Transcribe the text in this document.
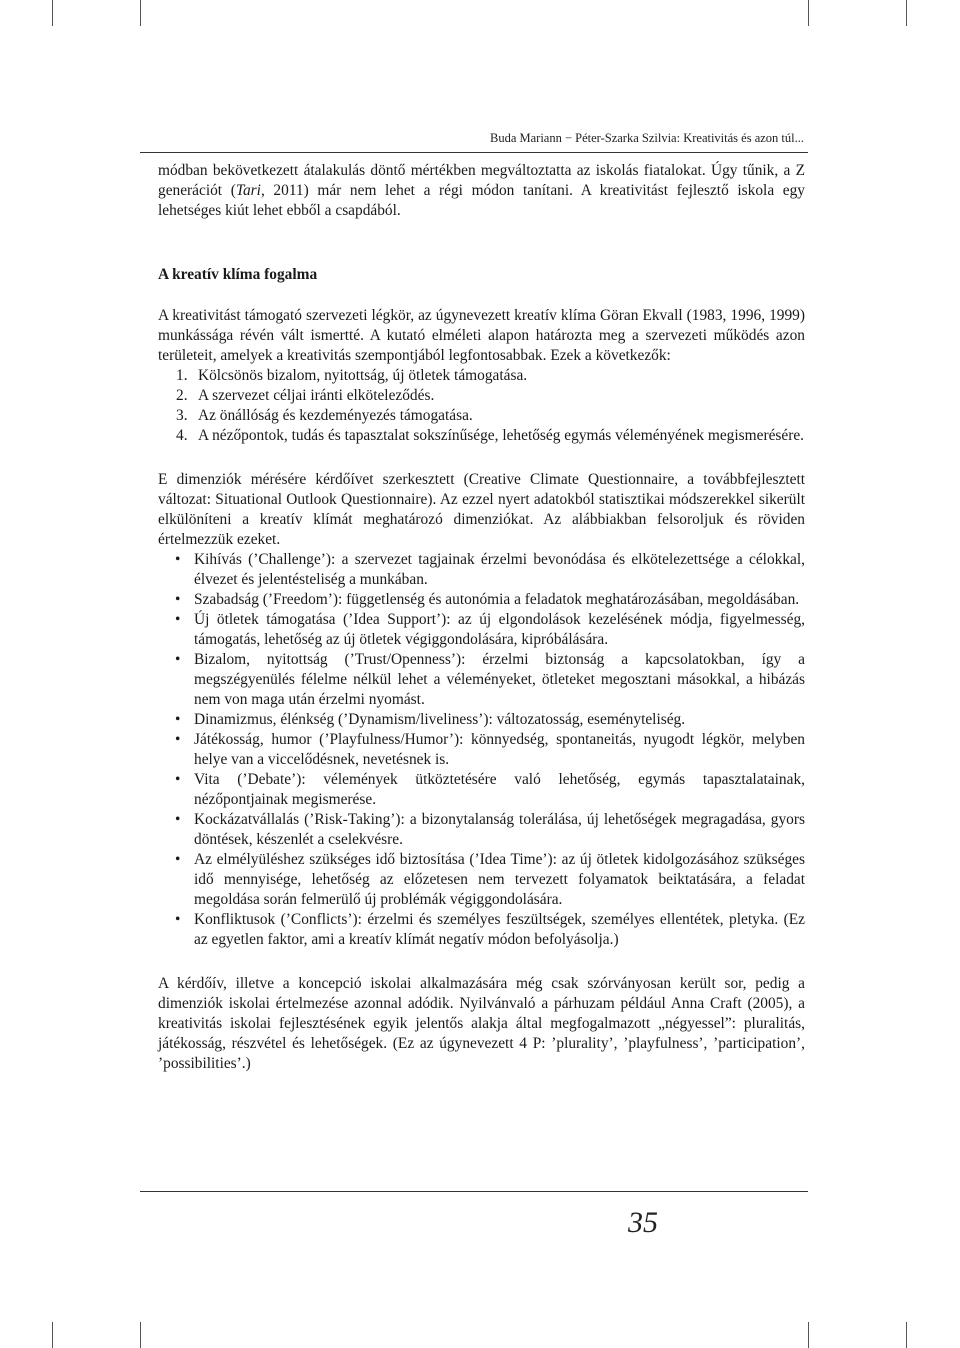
Buda Mariann − Péter-Szarka Szilvia: Kreativitás és azon túl...

módban bekövetkezett átalakulás döntő mértékben megváltoztatta az iskolás fiatalokat. Úgy tűnik, a Z generációt (Tari, 2011) már nem lehet a régi módon tanítani. A kreativitást fejlesztő iskola egy lehetséges kiút lehet ebből a csapdából.

A kreatív klíma fogalma

A kreativitást támogató szervezeti légkör, az úgynevezett kreatív klíma Göran Ekvall (1983, 1996, 1999) munkássága révén vált ismertté. A kutató elméleti alapon határozta meg a szervezeti működés azon területeit, amelyek a kreativitás szempontjából legfontosabbak. Ezek a következők:

1. Kölcsönös bizalom, nyitottság, új ötletek támogatása.
2. A szervezet céljai iránti elköteleződés.
3. Az önállóság és kezdeményezés támogatása.
4. A nézőpontok, tudás és tapasztalat sokszínűsége, lehetőség egymás véleményének megismerésére.

E dimenziók mérésére kérdőívet szerkesztett (Creative Climate Questionnaire, a továbbfejlesztett változat: Situational Outlook Questionnaire). Az ezzel nyert adatokból statisztikai módszerekkel sikerült elkülöníteni a kreatív klímát meghatározó dimenziókat. Az alábbiakban felsoroljuk és röviden értelmezzük ezeket.

• Kihívás (’Challenge’): a szervezet tagjainak érzelmi bevonódása és elkötelezettsége a célokkal, élvezet és jelentésteliség a munkában.
• Szabadság (’Freedom’): függetlenség és autonómia a feladatok meghatározásában, megoldásában.
• Új ötletek támogatása (’Idea Support’): az új elgondolások kezelésének módja, figyelmesség, támogatás, lehetőség az új ötletek végiggondolására, kipróbálására.
• Bizalom, nyitottság (’Trust/Openness’): érzelmi biztonság a kapcsolatokban, így a megszégyenülés félelme nélkül lehet a véleményeket, ötleteket megosztani másokkal, a hibázás nem von maga után érzelmi nyomást.
• Dinamizmus, élénkség (’Dynamism/liveliness’): változatosság, eseményteliség.
• Játékosság, humor (’Playfulness/Humor’): könnyedség, spontaneitás, nyugodt légkör, melyben helye van a viccelődésnek, nevetésnek is.
• Vita (’Debate’): vélemények ütköztetésére való lehetőség, egymás tapasztalatainak, nézőpontjainak megismerése.
• Kockázatvállalás (’Risk-Taking’): a bizonytalanság tolerálása, új lehetőségek megragadása, gyors döntések, készenlét a cselekvésre.
• Az elmélyüléshez szükséges idő biztosítása (’Idea Time’): az új ötletek kidolgozásához szükséges idő mennyisége, lehetőség az előzetesen nem tervezett folyamatok beiktatására, a feladat megoldása során felmerülő új problémák végiggondolására.
• Konfliktusok (’Conflicts’): érzelmi és személyes feszültségek, személyes ellentétek, pletyka. (Ez az egyetlen faktor, ami a kreatív klímát negatív módon befolyásolja.)

A kérdőív, illetve a koncepció iskolai alkalmazására még csak szórványosan került sor, pedig a dimenziók iskolai értelmezése azonnal adódik. Nyilvánvaló a párhuzam például Anna Craft (2005), a kreativitás iskolai fejlesztésének egyik jelentős alakja által megfogalmazott „négyessel”: pluralitás, játékosság, részvétel és lehetőségek. (Ez az úgynevezett 4 P: ’plurality’, ’playfulness’, ’participation’, ’possibilities’.)

35
